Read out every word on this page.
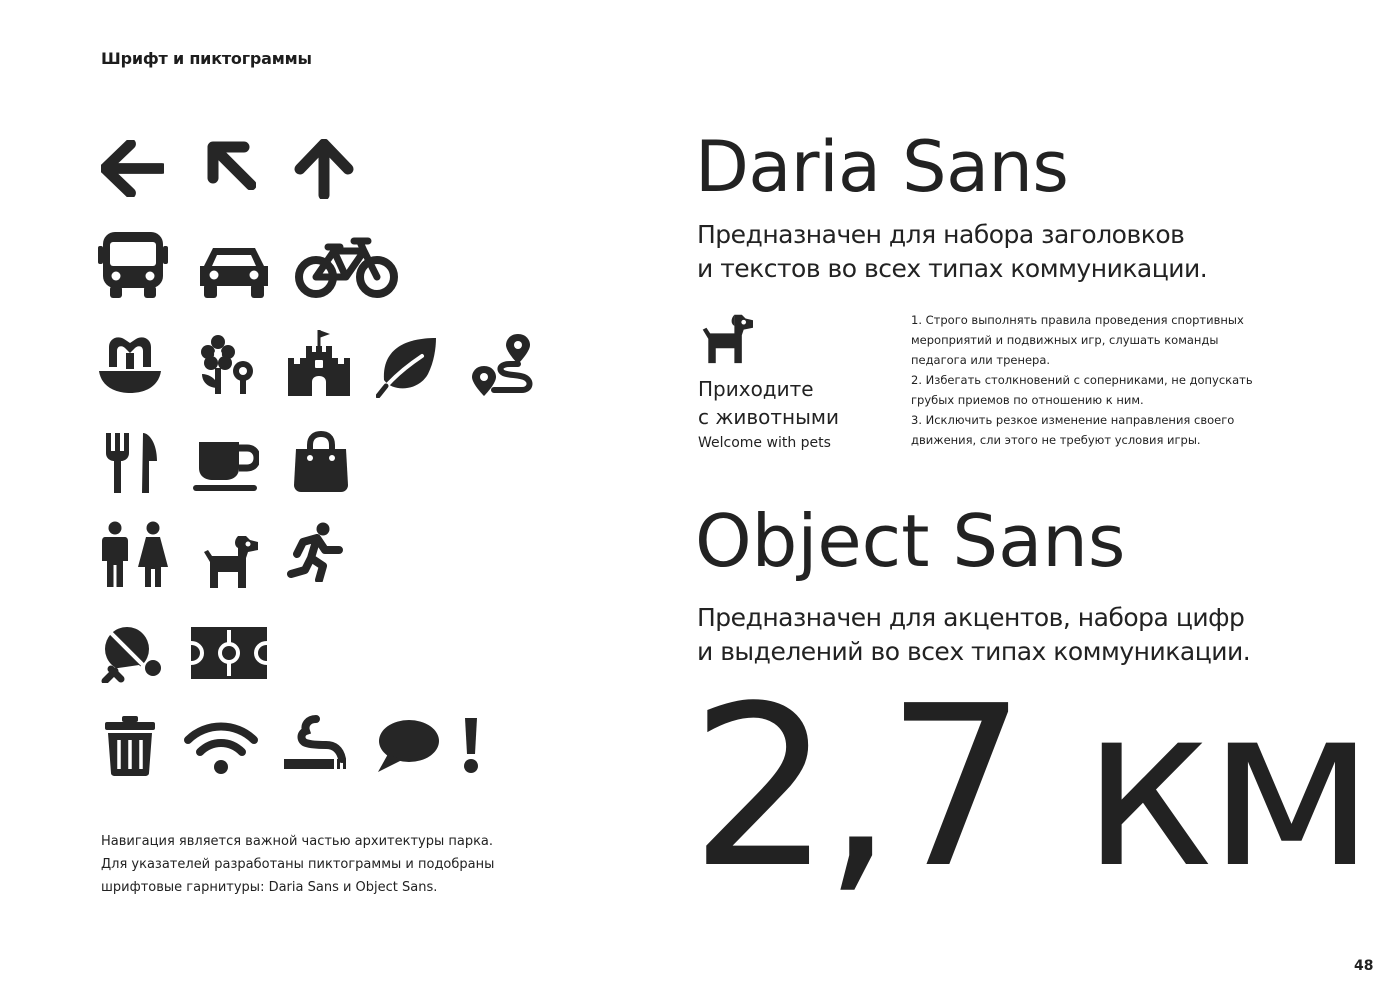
Шрифт и пиктограммы
Навигация является важной частью архитектуры парка.
Для указателей разработаны пиктограммы и подобраны
шрифтовые гарнитуры: Daria Sans и Object Sans.
Daria Sans
Предназначен для набора заголовков
и текстов во всех типах коммуникации.
Приходите
с животными
Welcome with pets
1. Строго выполнять правила проведения спортивных
мероприятий и подвижных игр, слушать команды
педагога или тренера.
2. Избегать столкновений с соперниками, не допускать
грубых приемов по отношению к ним.
3. Исключить резкое изменение направления своего
движения, сли этого не требуют условия игры.
Object Sans
Предназначен для акцентов, набора цифр
и выделений во всех типах коммуникации.
2,7 км
48
